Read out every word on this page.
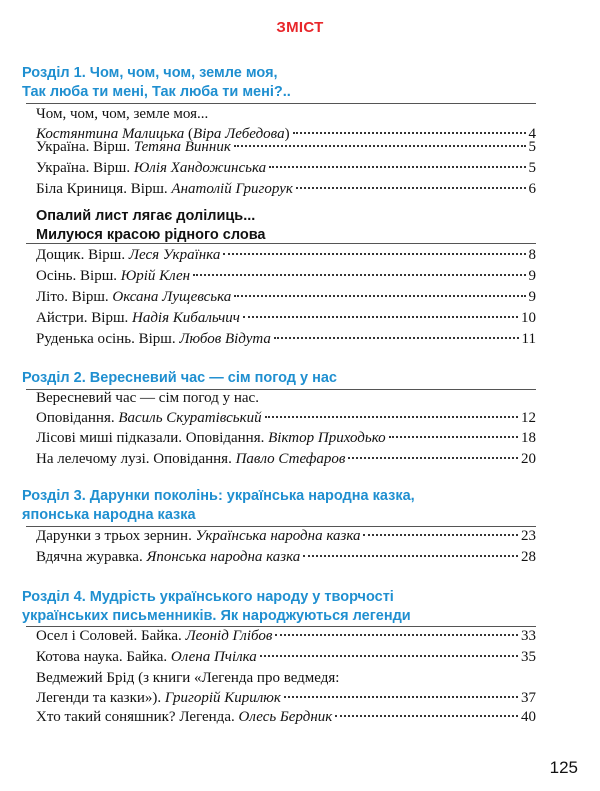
ЗМІСТ
Розділ 1. Чом, чом, чом, земле моя,
Так люба ти мені, Так люба ти мені?..
Чом, чом, чом, земле моя...
Костянтина Малицька (Віра Лебедова)	4
Україна. Вірш. Тетяна Винник	5
Україна. Вірш. Юлія Хандожинська	5
Біла Криниця. Вірш. Анатолій Григорук	6
Опалий лист лягає долілиць...
Милуюся красою рідного слова
Дощик. Вірш. Леся Українка	8
Осінь. Вірш. Юрій Клен	9
Літо. Вірш. Оксана Лущевська	9
Айстри. Вірш. Надія Кибальчич	10
Руденька осінь. Вірш. Любов Відута	11
Розділ 2. Вересневий час — сім погод у нас
Вересневий час — сім погод у нас.
Оповідання. Василь Скуратівський	12
Лісові миші підказали. Оповідання. Віктор Приходько	18
На лелечому лузі. Оповідання. Павло Стефаров	20
Розділ 3. Дарунки поколінь: українська народна казка,
японська народна казка
Дарунки з трьох зернин. Українська народна казка	23
Вдячна журавка. Японська народна казка	28
Розділ 4. Мудрість українського народу у творчості
українських письменників. Як народжуються легенди
Осел і Соловей. Байка. Леонід Глібов	33
Котова наука. Байка. Олена Пчілка	35
Ведмежий Брід (з книги «Легенда про ведмедя:
Легенди та казки»). Григорій Кирилюк	37
Хто такий соняшник? Легенда. Олесь Бердник	40
125
